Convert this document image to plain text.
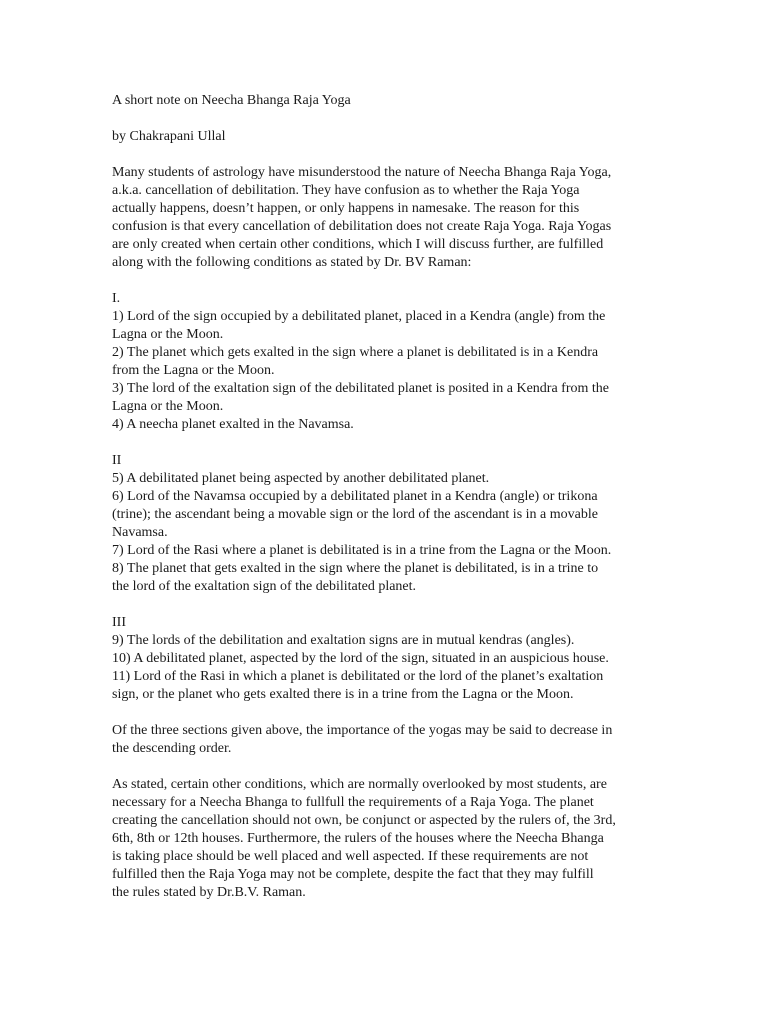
A short note on Neecha Bhanga Raja Yoga

by Chakrapani Ullal

Many students of astrology have misunderstood the nature of Neecha Bhanga Raja Yoga,
a.k.a. cancellation of debilitation. They have confusion as to whether the Raja Yoga
actually happens, doesn’t happen, or only happens in namesake. The reason for this
confusion is that every cancellation of debilitation does not create Raja Yoga. Raja Yogas
are only created when certain other conditions, which I will discuss further, are fulfilled
along with the following conditions as stated by Dr. BV Raman:

I.
1) Lord of the sign occupied by a debilitated planet, placed in a Kendra (angle) from the
Lagna or the Moon.
2) The planet which gets exalted in the sign where a planet is debilitated is in a Kendra
from the Lagna or the Moon.
3) The lord of the exaltation sign of the debilitated planet is posited in a Kendra from the
Lagna or the Moon.
4) A neecha planet exalted in the Navamsa.
II
5) A debilitated planet being aspected by another debilitated planet.
6) Lord of the Navamsa occupied by a debilitated planet in a Kendra (angle) or trikona
(trine); the ascendant being a movable sign or the lord of the ascendant is in a movable
Navamsa.
7) Lord of the Rasi where a planet is debilitated is in a trine from the Lagna or the Moon.
8) The planet that gets exalted in the sign where the planet is debilitated, is in a trine to
the lord of the exaltation sign of the debilitated planet.
III
9) The lords of the debilitation and exaltation signs are in mutual kendras (angles).
10) A debilitated planet, aspected by the lord of the sign, situated in an auspicious house.
11) Lord of the Rasi in which a planet is debilitated or the lord of the planet’s exaltation
sign, or the planet who gets exalted there is in a trine from the Lagna or the Moon.

Of the three sections given above, the importance of the yogas may be said to decrease in
the descending order.

As stated, certain other conditions, which are normally overlooked by most students, are
necessary for a Neecha Bhanga to fullfull the requirements of a Raja Yoga. The planet
creating the cancellation should not own, be conjunct or aspected by the rulers of, the 3rd,
6th, 8th or 12th houses. Furthermore, the rulers of the houses where the Neecha Bhanga
is taking place should be well placed and well aspected. If these requirements are not
fulfilled then the Raja Yoga may not be complete, despite the fact that they may fulfill
the rules stated by Dr.B.V. Raman.
